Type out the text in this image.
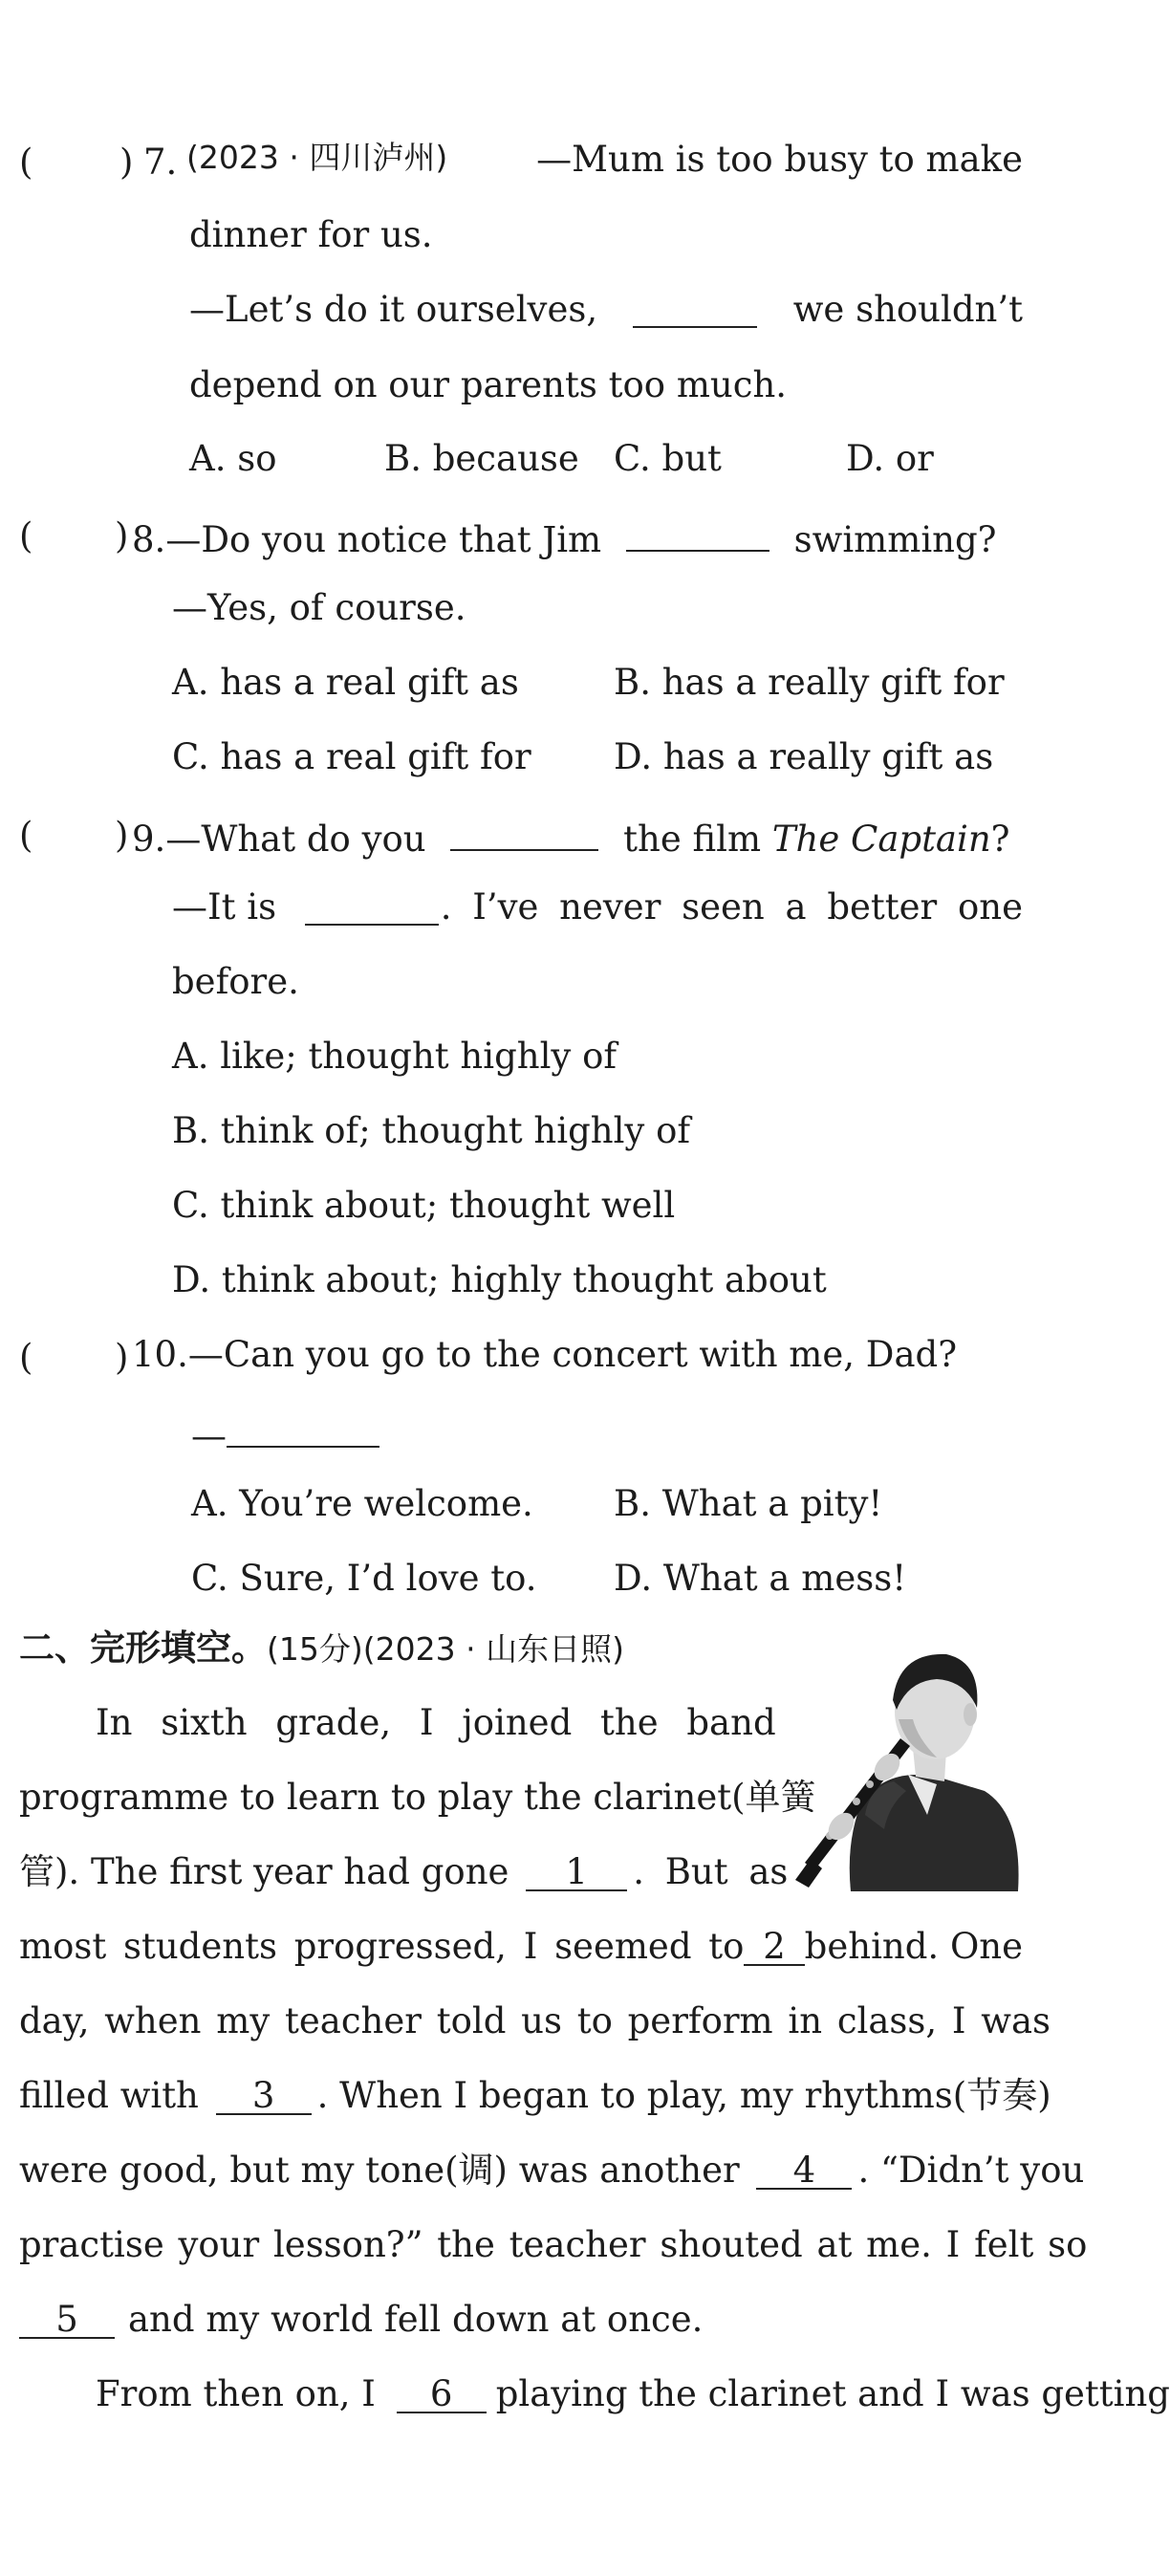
( ) 7. (2023 · 四川泸州)	—Mum is too busy to make
dinner for us.
—Let’s do it ourselves,	we shouldn’t
depend on our parents too much.
A. so	B. because C. but	D. or
( ) 8.—Do you notice that Jim	swimming?
—Yes, of course.
A. has a real gift as	B. has a really gift for
C. has a real gift for D. has a really gift as
( ) 9.—What do you	the film The Captain?
—It is	. I’ve never seen a better one
before.
A. like; thought highly of
B. think of; thought highly of
C. think about; thought well
D. think about; highly thought about
( ) 10.—Can you go to the concert with me, Dad?
—
A. You’re welcome. B. What a pity!
C. Sure, I’d love to. D. What a mess!
二、完形填空。(15分)(2023 · 山东日照)
In sixth grade, I joined the band
programme to learn to play the clarinet(单簧
管). The first year had gone 1 . But as
most students progressed, I seemed to 2 behind. One
day, when my teacher told us to perform in class, I was
filled with 3 . When I began to play, my rhythms(节奏)
were good, but my tone(调) was another 4 . “Didn’t you
practise your lesson?” the teacher shouted at me. I felt so
5 and my world fell down at once.
From then on, I 6 playing the clarinet and I was getting
